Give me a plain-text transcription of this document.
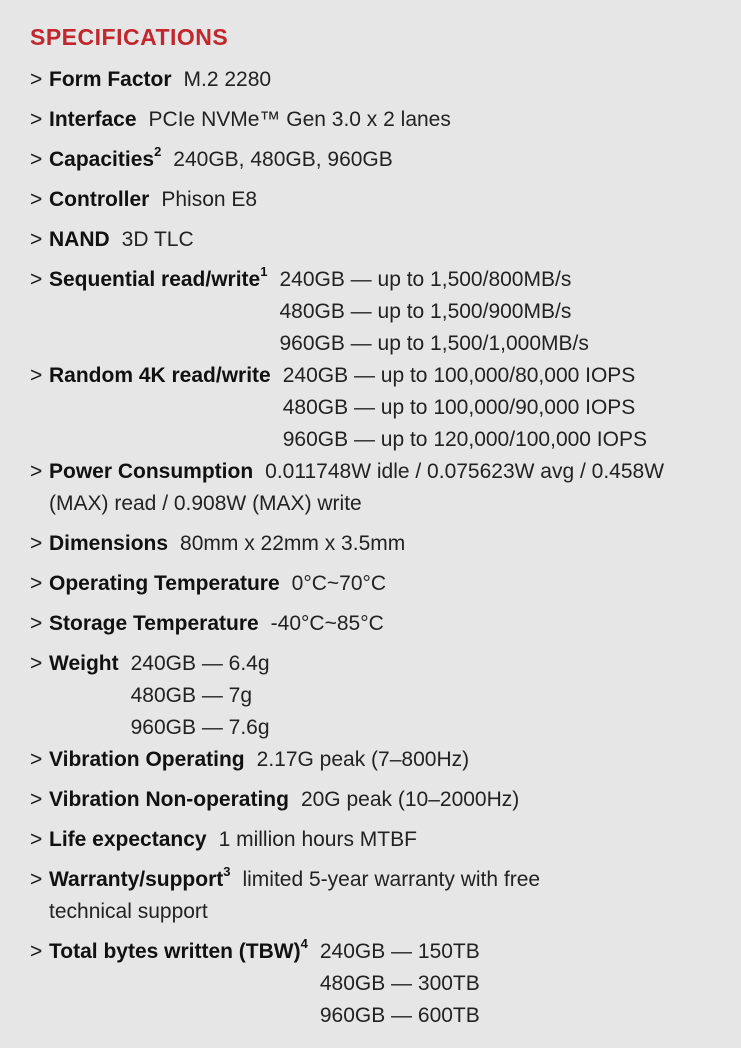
SPECIFICATIONS
> Form Factor M.2 2280
> Interface PCIe NVMe™ Gen 3.0 x 2 lanes
> Capacities$^2$ 240GB, 480GB, 960GB
> Controller Phison E8
> NAND 3D TLC
> Sequential read/write$^1$ 240GB — up to 1,500/800MB/s
480GB — up to 1,500/900MB/s
960GB — up to 1,500/1,000MB/s
> Random 4K read/write 240GB — up to 100,000/80,000 IOPS
480GB — up to 100,000/90,000 IOPS
960GB — up to 120,000/100,000 IOPS
> Power Consumption 0.011748W idle / 0.075623W avg / 0.458W (MAX) read / 0.908W (MAX) write
> Dimensions 80mm x 22mm x 3.5mm
> Operating Temperature 0°C~70°C
> Storage Temperature -40°C~85°C
> Weight 240GB — 6.4g
480GB — 7g
960GB — 7.6g
> Vibration Operating 2.17G peak (7–800Hz)
> Vibration Non-operating 20G peak (10–2000Hz)
> Life expectancy 1 million hours MTBF
> Warranty/support$^3$ limited 5-year warranty with free technical support
> Total bytes written (TBW)$^4$ 240GB — 150TB
480GB — 300TB
960GB — 600TB
